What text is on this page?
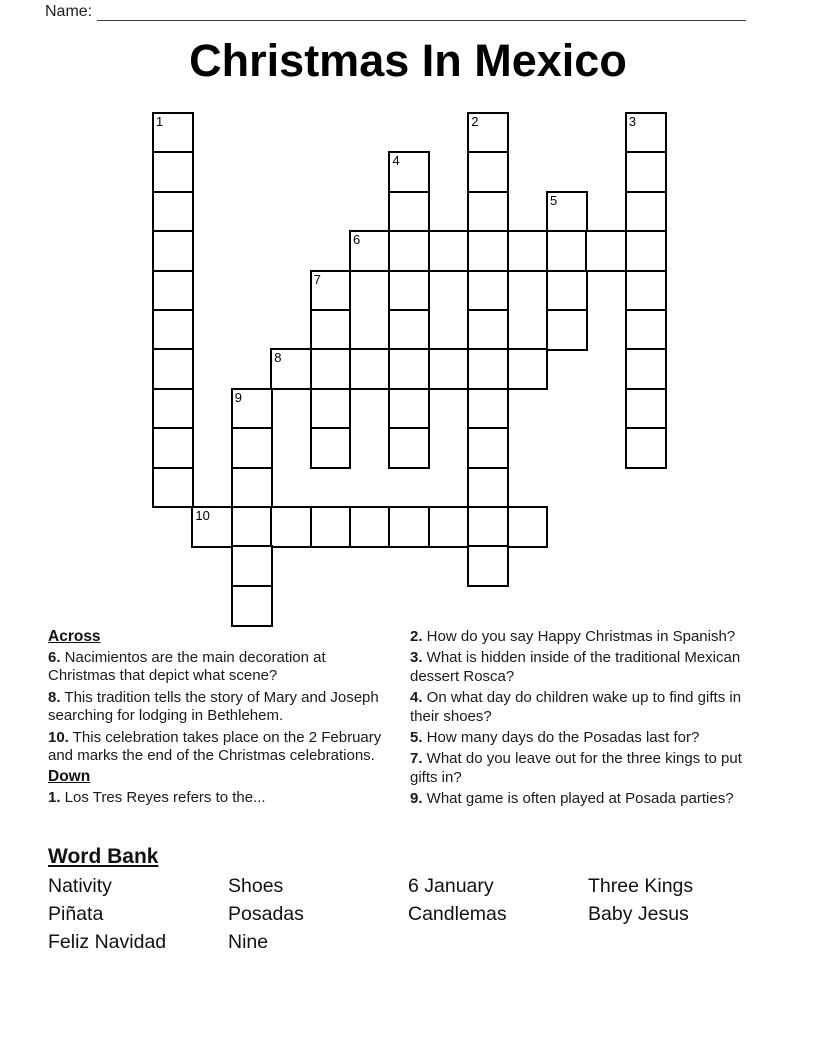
Name:
Christmas In Mexico
1	2	3
4
5
6
7
8
9
10
Across

6. Nacimientos are the main decoration at Christmas that depict what scene?

8. This tradition tells the story of Mary and Joseph searching for lodging in Bethlehem.

10. This celebration takes place on the 2 February and marks the end of the Christmas celebrations.

Down

1. Los Tres Reyes refers to the...

2. How do you say Happy Christmas in Spanish?

3. What is hidden inside of the traditional Mexican dessert Rosca?

4. On what day do children wake up to find gifts in their shoes?

5. How many days do the Posadas last for?

7. What do you leave out for the three kings to put gifts in?

9. What game is often played at Posada parties?

Word Bank
Nativity	Shoes	6 January	Three Kings
Piñata	Posadas	Candlemas	Baby Jesus
Feliz Navidad	Nine
